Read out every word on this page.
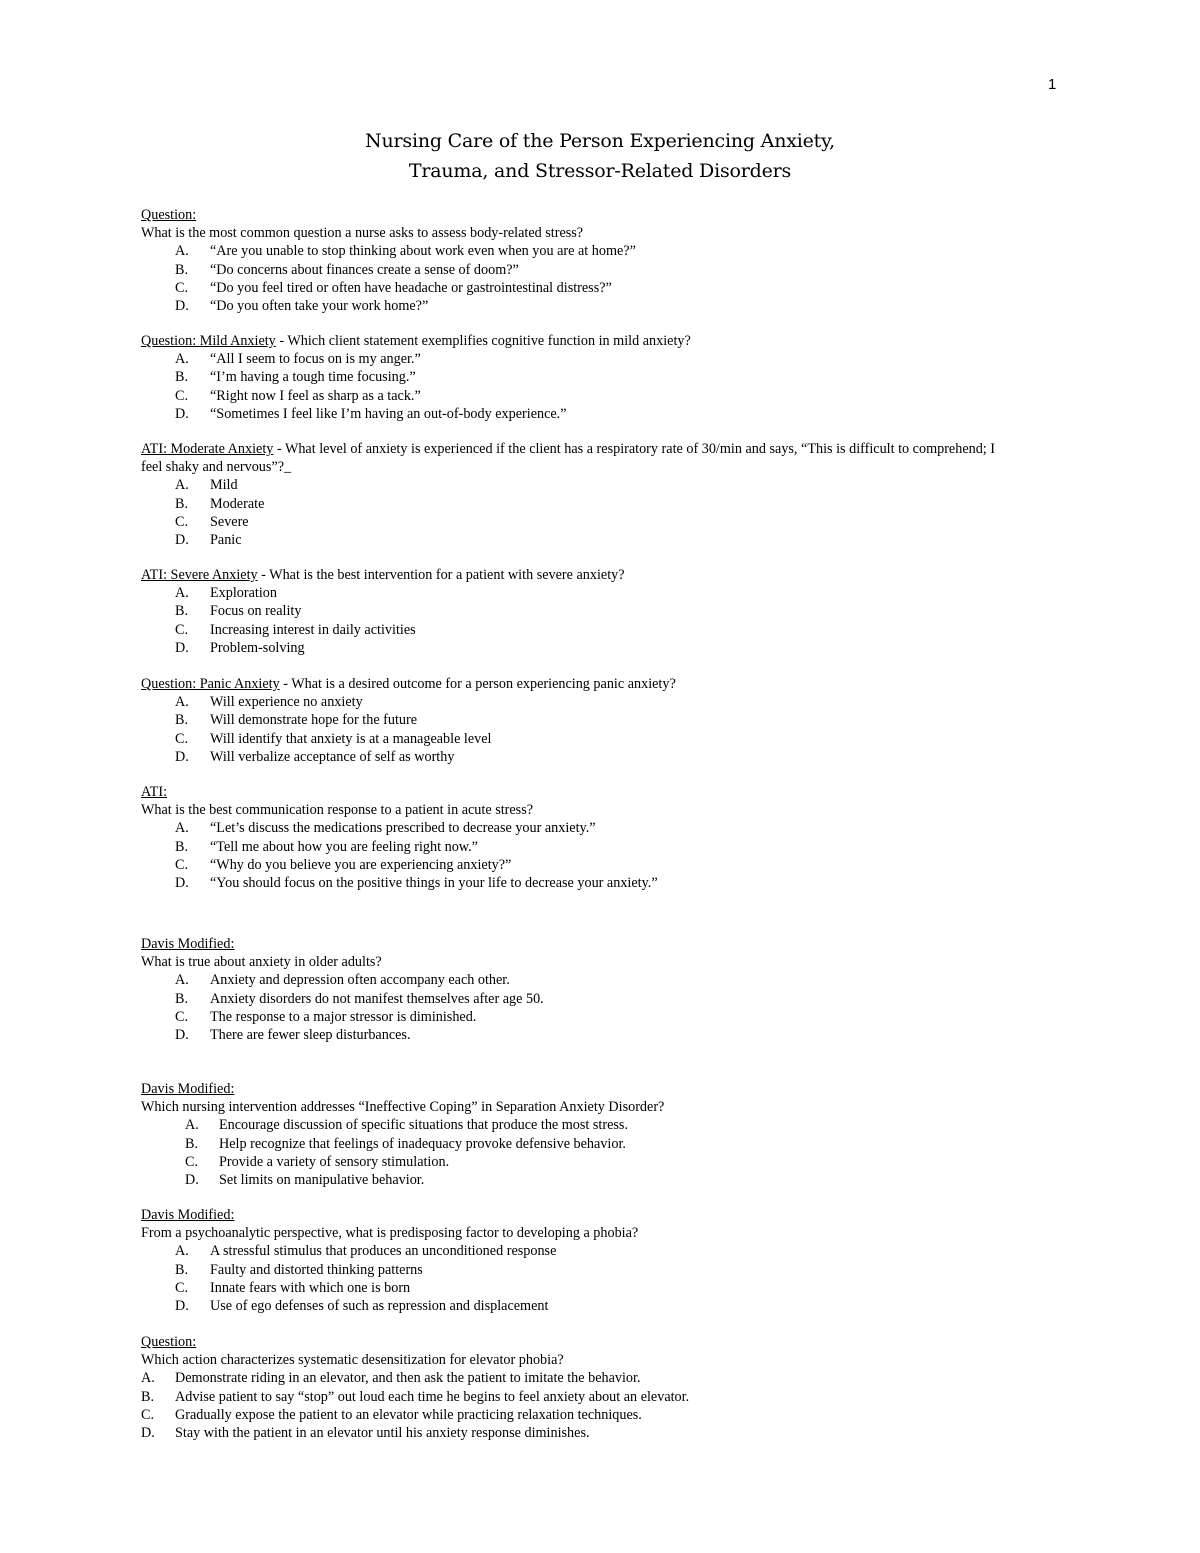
1
Nursing Care of the Person Experiencing Anxiety,
Trauma, and Stressor-Related Disorders
Question:
What is the most common question a nurse asks to assess body-related stress?
A. “Are you unable to stop thinking about work even when you are at home?”
B. “Do concerns about finances create a sense of doom?”
C. “Do you feel tired or often have headache or gastrointestinal distress?”
D. “Do you often take your work home?”
Question: Mild Anxiety - Which client statement exemplifies cognitive function in mild anxiety?
A. “All I seem to focus on is my anger.”
B. “I’m having a tough time focusing.”
C. “Right now I feel as sharp as a tack.”
D. “Sometimes I feel like I’m having an out-of-body experience.”
ATI: Moderate Anxiety - What level of anxiety is experienced if the client has a respiratory rate of 30/min and says, “This is difficult to comprehend; I feel shaky and nervous”?_
A. Mild
B. Moderate
C. Severe
D. Panic
ATI: Severe Anxiety - What is the best intervention for a patient with severe anxiety?
A. Exploration
B. Focus on reality
C. Increasing interest in daily activities
D. Problem-solving
Question: Panic Anxiety - What is a desired outcome for a person experiencing panic anxiety?
A. Will experience no anxiety
B. Will demonstrate hope for the future
C. Will identify that anxiety is at a manageable level
D. Will verbalize acceptance of self as worthy
ATI:
What is the best communication response to a patient in acute stress?
A. “Let’s discuss the medications prescribed to decrease your anxiety.”
B. “Tell me about how you are feeling right now.”
C. “Why do you believe you are experiencing anxiety?”
D. “You should focus on the positive things in your life to decrease your anxiety.”
Davis Modified:
What is true about anxiety in older adults?
A. Anxiety and depression often accompany each other.
B. Anxiety disorders do not manifest themselves after age 50.
C. The response to a major stressor is diminished.
D. There are fewer sleep disturbances.
Davis Modified:
Which nursing intervention addresses “Ineffective Coping” in Separation Anxiety Disorder?
A. Encourage discussion of specific situations that produce the most stress.
B. Help recognize that feelings of inadequacy provoke defensive behavior.
C. Provide a variety of sensory stimulation.
D. Set limits on manipulative behavior.
Davis Modified:
From a psychoanalytic perspective, what is predisposing factor to developing a phobia?
A. A stressful stimulus that produces an unconditioned response
B. Faulty and distorted thinking patterns
C. Innate fears with which one is born
D. Use of ego defenses of such as repression and displacement
Question:
Which action characterizes systematic desensitization for elevator phobia?
A. Demonstrate riding in an elevator, and then ask the patient to imitate the behavior.
B. Advise patient to say “stop” out loud each time he begins to feel anxiety about an elevator.
C. Gradually expose the patient to an elevator while practicing relaxation techniques.
D. Stay with the patient in an elevator until his anxiety response diminishes.
